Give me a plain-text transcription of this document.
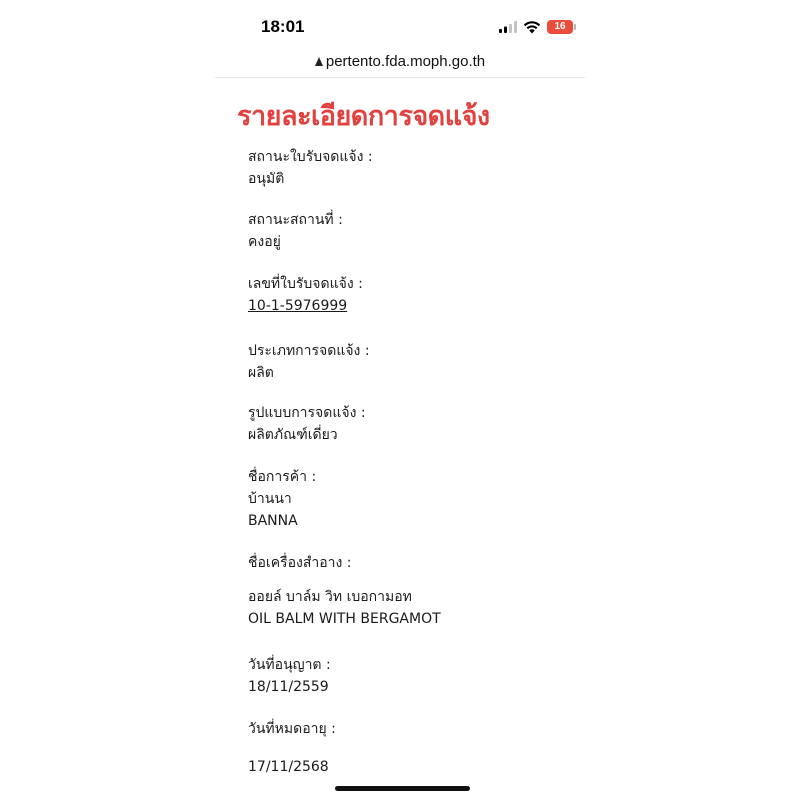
18:01	16
pertento.fda.moph.go.th
รายละเอียดการจดแจ้ง
สถานะใบรับจดแจ้ง :
อนุมัติ
สถานะสถานที่ :
คงอยู่
เลขที่ใบรับจดแจ้ง :
10-1-5976999
ประเภทการจดแจ้ง :
ผลิต
รูปแบบการจดแจ้ง :
ผลิตภัณฑ์เดี่ยว
ชื่อการค้า :
บ้านนา
BANNA
ชื่อเครื่องสำอาง :
ออยล์ บาล์ม วิท เบอกามอท
OIL BALM WITH BERGAMOT
วันที่อนุญาต :
18/11/2559
วันที่หมดอายุ :
17/11/2568
